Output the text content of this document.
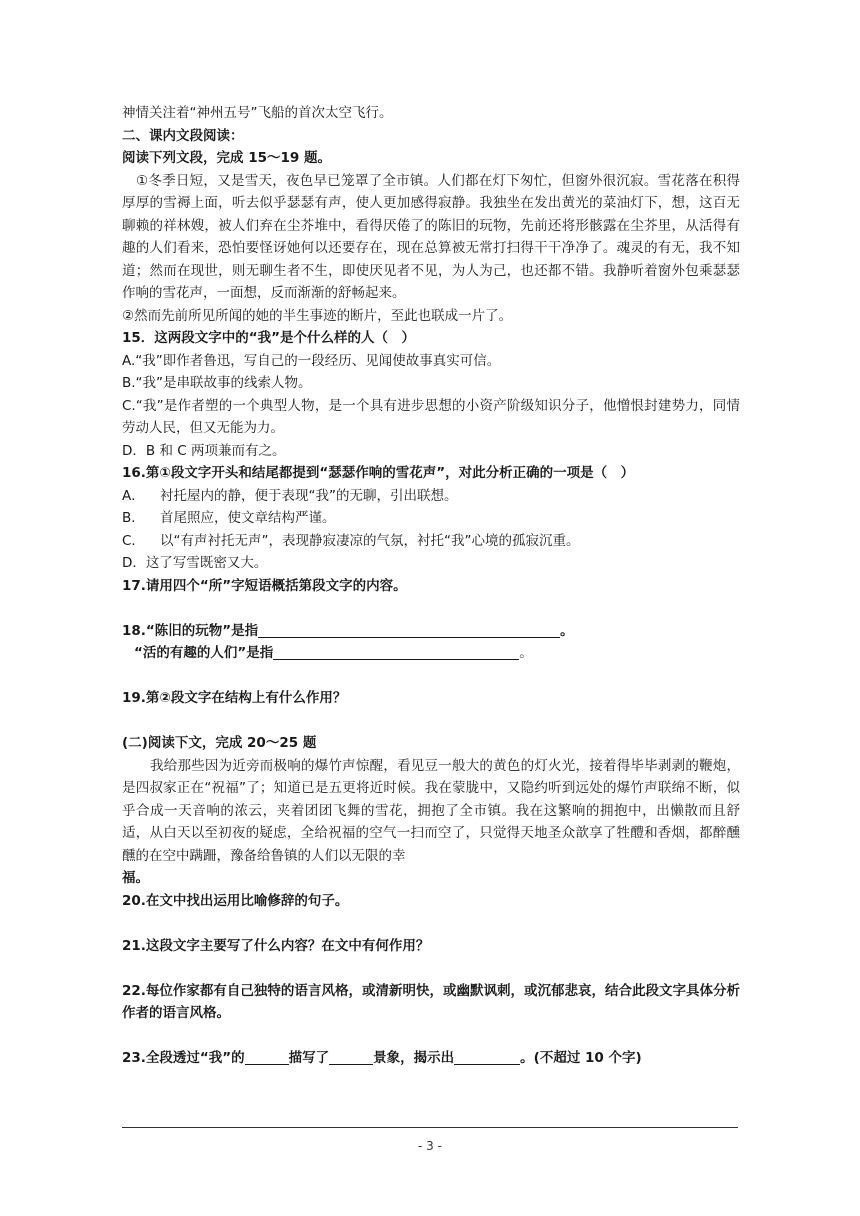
神情关注着“神州五号”飞船的首次太空飞行。
二、课内文段阅读：
阅读下列文段，完成 15～19 题。
①冬季日短，又是雪天，夜色早已笼罩了全市镇。人们都在灯下匆忙，但窗外很沉寂。雪花落在积得厚厚的雪褥上面，听去似乎瑟瑟有声，使人更加感得寂静。我独坐在发出黄光的菜油灯下，想，这百无聊赖的祥林嫂，被人们弃在尘芥堆中，看得厌倦了的陈旧的玩物，先前还将形骸露在尘芥里，从活得有趣的人们看来，恐怕要怪讶她何以还要存在，现在总算被无常打扫得干干净净了。魂灵的有无，我不知道；然而在现世，则无聊生者不生，即使厌见者不见，为人为己，也还都不错。我静听着窗外包乘瑟瑟作响的雪花声，一面想，反而渐渐的舒畅起来。
②然而先前所见所闻的她的半生事迹的断片，至此也联成一片了。
15．这两段文字中的“我”是个什么样的人（　）
A.“我”即作者鲁迅，写自己的一段经历、见闻使故事真实可信。
B.“我”是串联故事的线索人物。
C.“我”是作者塑的一个典型人物，是一个具有进步思想的小资产阶级知识分子，他憎恨封建势力，同情劳动人民，但又无能为力。
D．B 和 C 两项兼而有之。
16.第①段文字开头和结尾都提到“瑟瑟作响的雪花声”，对此分析正确的一项是（　）
A． 衬托屋内的静，便于表现“我”的无聊，引出联想。
B． 首尾照应，使文章结构严谨。
C． 以“有声衬托无声”，表现静寂凄凉的气氛，衬托“我”心境的孤寂沉重。
D．这了写雪既密又大。
17.请用四个“所”字短语概括第段文字的内容。
18.“陈旧的玩物”是指	。
“活的有趣的人们”是指	。
19.第②段文字在结构上有什么作用？
(二)阅读下文，完成 20～25 题
我给那些因为近旁而极响的爆竹声惊醒，看见豆一般大的黄色的灯火光，接着得毕毕剥剥的鞭炮，是四叔家正在“祝福”了；知道已是五更将近时候。我在蒙胧中，又隐约听到远处的爆竹声联绵不断，似乎合成一天音响的浓云，夹着团团飞舞的雪花，拥抱了全市镇。我在这繁响的拥抱中，出懒散而且舒适，从白天以至初夜的疑虑，全给祝福的空气一扫而空了，只觉得天地圣众歆享了牲醴和香烟，都醉醺醺的在空中蹒跚，豫备给鲁镇的人们以无限的幸
福。
20.在文中找出运用比喻修辞的句子。
21.这段文字主要写了什么内容？在文中有何作用？
22.每位作家都有自己独特的语言风格，或清新明快，或幽默讽刺，或沉郁悲哀，结合此段文字具体分析作者的语言风格。
23.全段透过“我”的	描写了	景象，揭示出	。(不超过 10 个字)
- 3 -
